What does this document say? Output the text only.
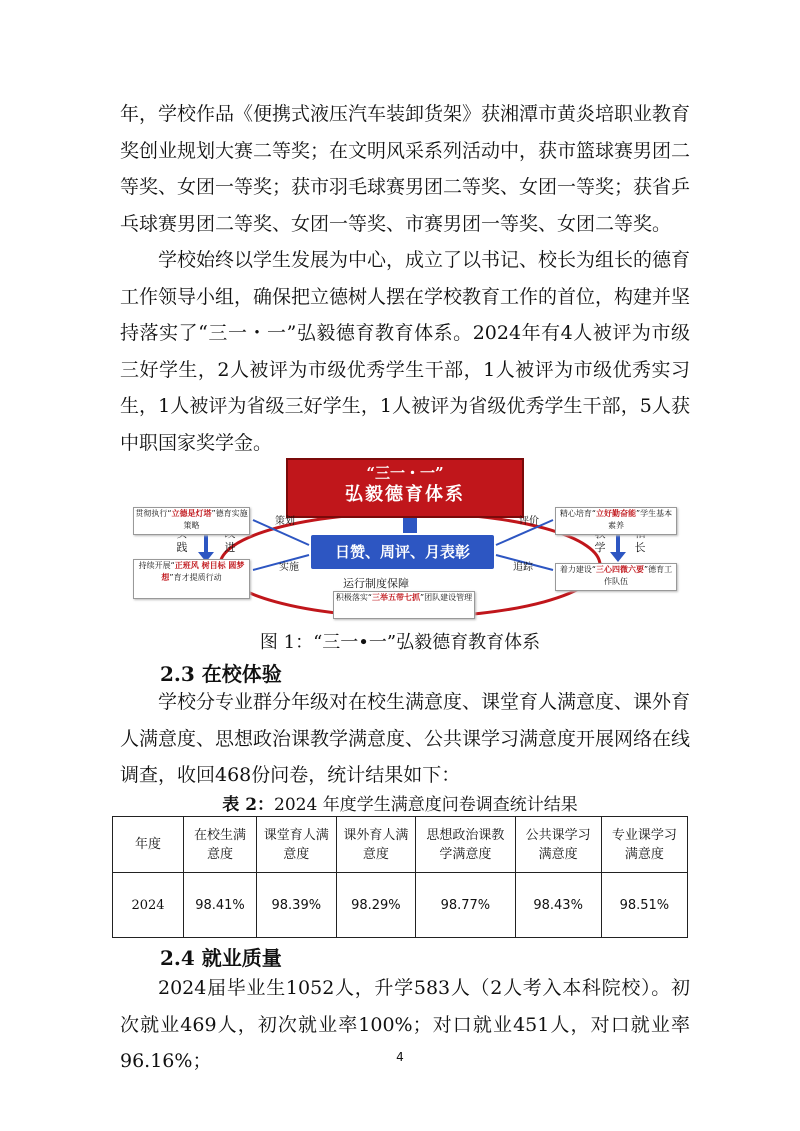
年，学校作品《便携式液压汽车装卸货架》获湘潭市黄炎培职业教育奖创业规划大赛二等奖；在文明风采系列活动中，获市篮球赛男团二等奖、女团一等奖；获市羽毛球赛男团二等奖、女团一等奖；获省乒乓球赛男团二等奖、女团一等奖、市赛男团一等奖、女团二等奖。

学校始终以学生发展为中心，成立了以书记、校长为组长的德育工作领导小组，确保把立德树人摆在学校教育工作的首位，构建并坚持落实了“三一・一”弘毅德育教育体系。2024年有4人被评为市级三好学生，2人被评为市级优秀学生干部，1人被评为市级优秀实习生，1人被评为省级三好学生，1人被评为省级优秀学生干部，5人获中职国家奖学金。

“三一・一”
弘毅德育体系
日赞、周评、月表彰
运行制度保障
策划
实施
评价
追踪
践	进	学	长
贯彻执行“立德是灯塔”德育实施策略
持续开展“正班风 树目标 圆梦想”育才提质行动
精心培育“立好勤奋能”学生基本素养
着力建设“三心四微六要”德育工作队伍
积极落实“三举五带七抓”团队建设管理
图 1：“三一•一”弘毅德育教育体系
2.3 在校体验

学校分专业群分年级对在校生满意度、课堂育人满意度、课外育人满意度、思想政治课教学满意度、公共课学习满意度开展网络在线调查，收回468份问卷，统计结果如下：

表 2：2024 年度学生满意度问卷调查统计结果
年度	在校生满意度	课堂育人满意度	课外育人满意度	思想政治课教学满意度	公共课学习满意度	专业课学习满意度
2024	98.41%	98.39%	98.29%	98.77%	98.43%	98.51%
2.4 就业质量

2024届毕业生1052人，升学583人（2人考入本科院校）。初次就业469人，初次就业率100%；对口就业451人，对口就业率96.16%；	4
